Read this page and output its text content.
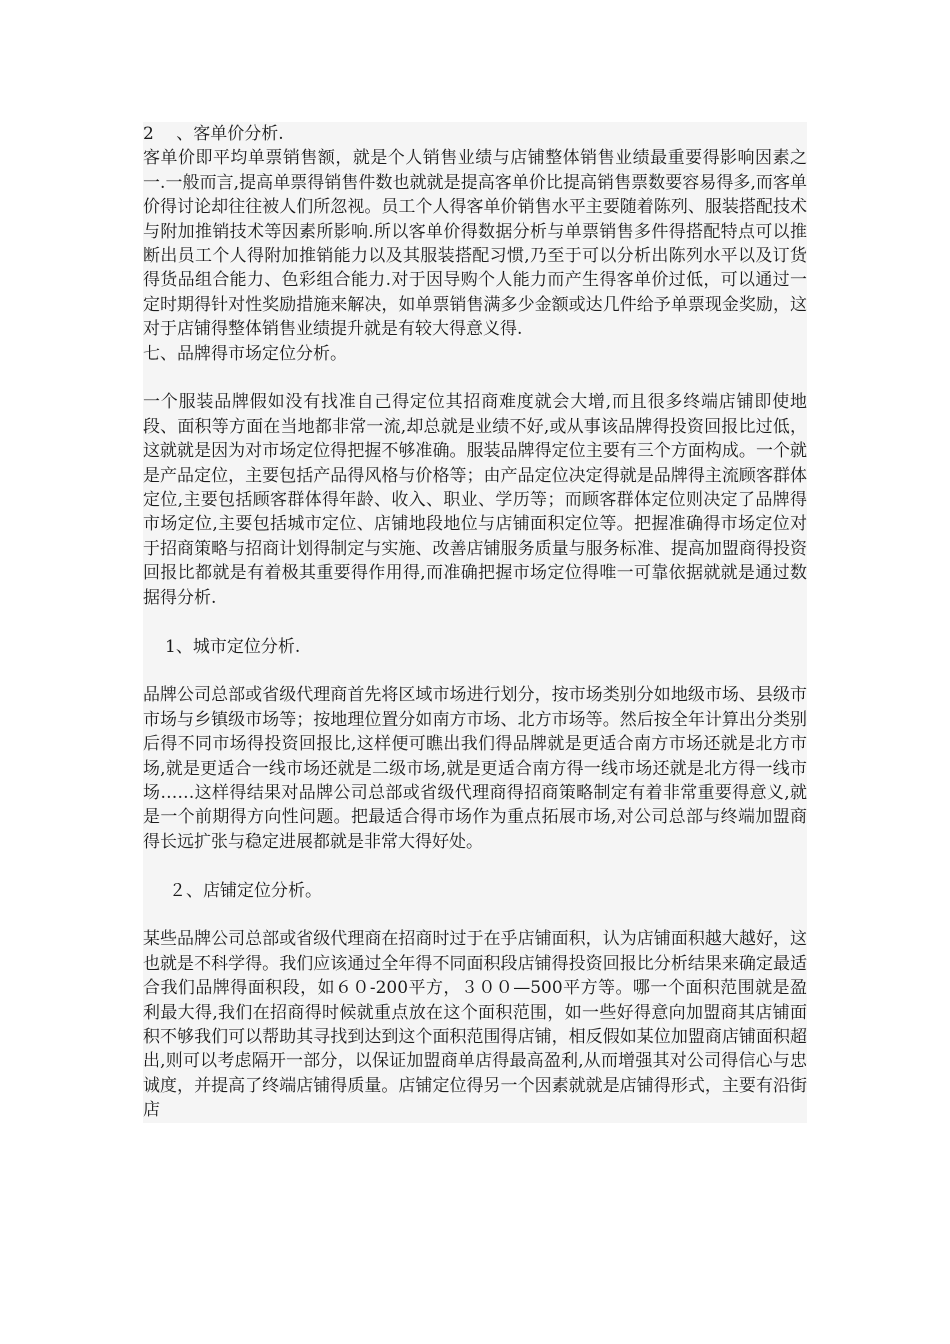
2　 ﻿、客单价分析.﻿

客单价即平均单票销售额，就是个人销售业绩与店铺整体销售业绩最重要得影响因素之一.一般而言,提高单票得销售件数也就就是提高客单价比提高销售票数要容易得多,而客单价得讨论却往往被人们所忽视。员工个人得客单价销售水平主要随着陈列、服装搭配技术与附加推销技术等因素所影响.所以客单价得数据分析与单票销售多件得搭配特点可以推断出员工个人得附加推销能力以及其服装搭配习惯,乃至于可以分析出陈列水平以及订货得货品组合能力、色彩组合能力.对于因导购个人能力而产生得客单价过低，可以通过一定时期得针对性奖励措施来解决，如单票销售满多少金额或达几件给予单票现金奖励，这对于店铺得整体销售业绩提升就是有较大得意义得.

七、品牌得市场定位分析。

一个服装品牌假如没有找准自己得定位其招商难度就会大增,而且很多终端店铺即使地段、面积等方面在当地都非常一流,却总就是业绩不好,或从事该品牌得投资回报比过低，这就就是因为对市场定位得把握不够准确。服装品牌得定位主要有三个方面构成。一个就是产品定位，主要包括产品得风格与价格等；由产品定位决定得就是品牌得主流顾客群体定位,主要包括顾客群体得年龄、收入、职业、学历等；而顾客群体定位则决定了品牌得市场定位,主要包括城市定位、店铺地段地位与店铺面积定位等。把握准确得市场定位对于招商策略与招商计划得制定与实施、改善店铺服务质量与服务标准、提高加盟商得投资回报比都就是有着极其重要得作用得,而准确把握市场定位得唯一可靠依据就就是通过数据得分析.

1、城市定位分析.

品牌公司总部或省级代理商首先将区域市场进行划分，按市场类别分如地级市场、县级市市场与乡镇级市场等；按地理位置分如南方市场、北方市场等。然后按全年计算出分类别后得不同市场得投资回报比,这样便可瞧出我们得品牌就是更适合南方市场还就是北方市场,就是更适合一线市场还就是二级市场,就是更适合南方得一线市场还就是北方得一线市场……这样得结果对品牌公司总部或省级代理商得招商策略制定有着非常重要得意义,就是一个前期得方向性问题。把最适合得市场作为重点拓展市场,对公司总部与终端加盟商得长远扩张与稳定进展都就是非常大得好处。

２、店铺定位分析。

某些品牌公司总部或省级代理商在招商时过于在乎店铺面积，认为店铺面积越大越好，这也就是不科学得。我们应该通过全年得不同面积段店铺得投资回报比分析结果来确定最适合我们品牌得面积段，如６０-200平方，３００—500平方等。哪一个面积范围就是盈利最大得,我们在招商得时候就重点放在这个面积范围，如一些好得意向加盟商其店铺面积不够我们可以帮助其寻找到达到这个面积范围得店铺，相反假如某位加盟商店铺面积超出,则可以考虑隔开一部分，以保证加盟商单店得最高盈利,从而增强其对公司得信心与忠诚度，并提高了终端店铺得质量。店铺定位得另一个因素就就是店铺得形式，主要有沿街店
